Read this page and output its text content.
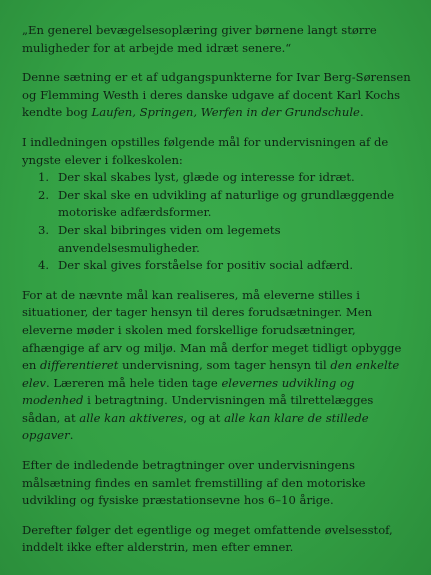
„En generel bevægelsesoplæring giver børnene langt større muligheder for at arbejde med idræt senere.“

Denne sætning er et af udgangspunkterne for Ivar Berg-Sørensen og Flemming Westh i deres danske udgave af docent Karl Kochs kendte bog Laufen, Springen, Werfen in der Grundschule.

I indledningen opstilles følgende mål for undervisningen af de yngste elever i folkeskolen:

1. Der skal skabes lyst, glæde og interesse for idræt.
2. Der skal ske en udvikling af naturlige og grundlæggende motoriske adfærdsformer.
3. Der skal bibringes viden om legemets anvendelsesmuligheder.
4. Der skal gives forståelse for positiv social adfærd.

For at de nævnte mål kan realiseres, må eleverne stilles i situationer, der tager hensyn til deres forudsætninger. Men eleverne møder i skolen med forskellige forudsætninger, afhængige af arv og miljø. Man må derfor meget tidligt opbygge en differentieret undervisning, som tager hensyn til den enkelte elev. Læreren må hele tiden tage elevernes udvikling og modenhed i betragtning. Undervisningen må tilrettelægges sådan, at alle kan aktiveres, og at alle kan klare de stillede opgaver.

Efter de indledende betragtninger over undervisningens målsætning findes en samlet fremstilling af den motoriske udvikling og fysiske præstationsevne hos 6–10 årige.

Derefter følger det egentlige og meget omfattende øvelsesstof, inddelt ikke efter alderstrin, men efter emner.
